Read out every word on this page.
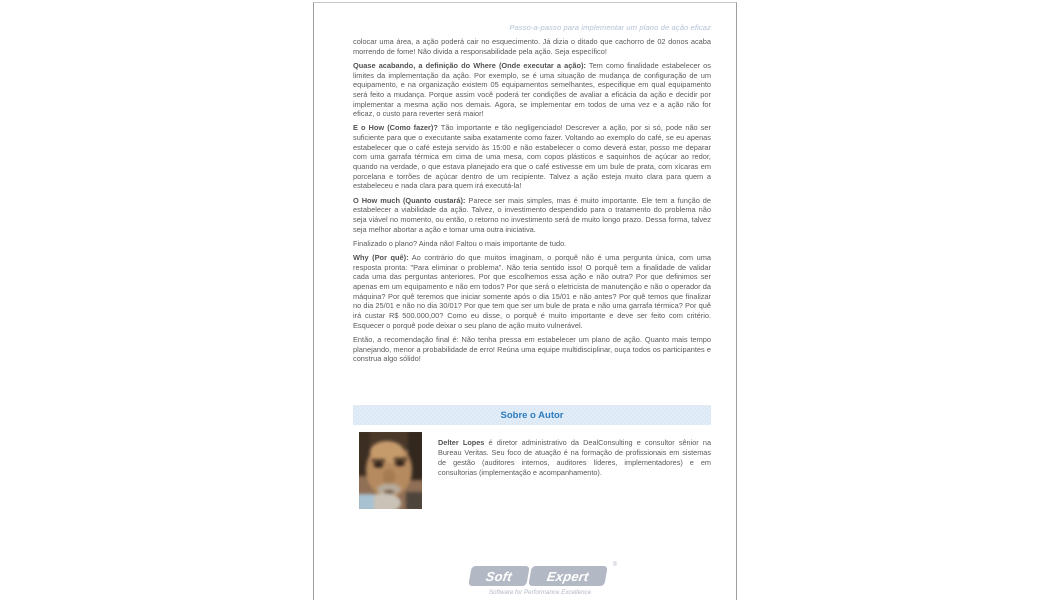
Passo-a-passo para implementar um plano de ação eficaz

colocar uma área, a ação poderá cair no esquecimento. Já dizia o ditado que cachorro de 02 donos acaba morrendo de fome! Não divida a responsabilidade pela ação. Seja específico!

Quase acabando, a definição do Where (Onde executar a ação): Tem como finalidade estabelecer os limites da implementação da ação. Por exemplo, se é uma situação de mudança de configuração de um equipamento, e na organização existem 05 equipamentos semelhantes, especifique em qual equipamento será feito a mudança. Porque assim você poderá ter condições de avaliar a eficácia da ação e decidir por implementar a mesma ação nos demais. Agora, se implementar em todos de uma vez e a ação não for eficaz, o custo para reverter será maior!

E o How (Como fazer)? Tão importante e tão negligenciado! Descrever a ação, por si só, pode não ser suficiente para que o executante saiba exatamente como fazer. Voltando ao exemplo do café, se eu apenas estabelecer que o café esteja servido às 15:00 e não estabelecer o como deverá estar, posso me deparar com uma garrafa térmica em cima de uma mesa, com copos plásticos e saquinhos de açúcar ao redor, quando na verdade, o que estava planejado era que o café estivesse em um bule de prata, com xícaras em porcelana e torrões de açúcar dentro de um recipiente. Talvez a ação esteja muito clara para quem a estabeleceu e nada clara para quem irá executá-la!

O How much (Quanto custará): Parece ser mais simples, mas é muito importante. Ele tem a função de estabelecer a viabilidade da ação. Talvez, o investimento despendido para o tratamento do problema não seja viável no momento, ou então, o retorno no investimento será de muito longo prazo. Dessa forma, talvez seja melhor abortar a ação e tomar uma outra iniciativa.

Finalizado o plano? Ainda não! Faltou o mais importante de tudo.

Why (Por quê): Ao contrário do que muitos imaginam, o porquê não é uma pergunta única, com uma resposta pronta: "Para eliminar o problema". Não teria sentido isso! O porquê tem a finalidade de validar cada uma das perguntas anteriores. Por que escolhemos essa ação e não outra? Por que definimos ser apenas em um equipamento e não em todos? Por que será o eletricista de manutenção e não o operador da máquina? Por quê teremos que iniciar somente após o dia 15/01 e não antes? Por quê temos que finalizar no dia 25/01 e não no dia 30/01? Por que tem que ser um bule de prata e não uma garrafa térmica? Por quê irá custar R$ 500.000,00? Como eu disse, o porquê é muito importante e deve ser feito com critério. Esquecer o porquê pode deixar o seu plano de ação muito vulnerável.

Então, a recomendação final é: Não tenha pressa em estabelecer um plano de ação. Quanto mais tempo planejando, menor a probabilidade de erro! Reúna uma equipe multidisciplinar, ouça todos os participantes e construa algo sólido!

Sobre o Autor
Delter Lopes é diretor administrativo da DealConsulting e consultor sênior na Bureau Veritas. Seu foco de atuação é na formação de profissionais em sistemas de gestão (auditores internos, auditores líderes, implementadores) e em consultorias (implementação e acompanhamento).
Soft	Expert
®
Software for Performance Excellence
